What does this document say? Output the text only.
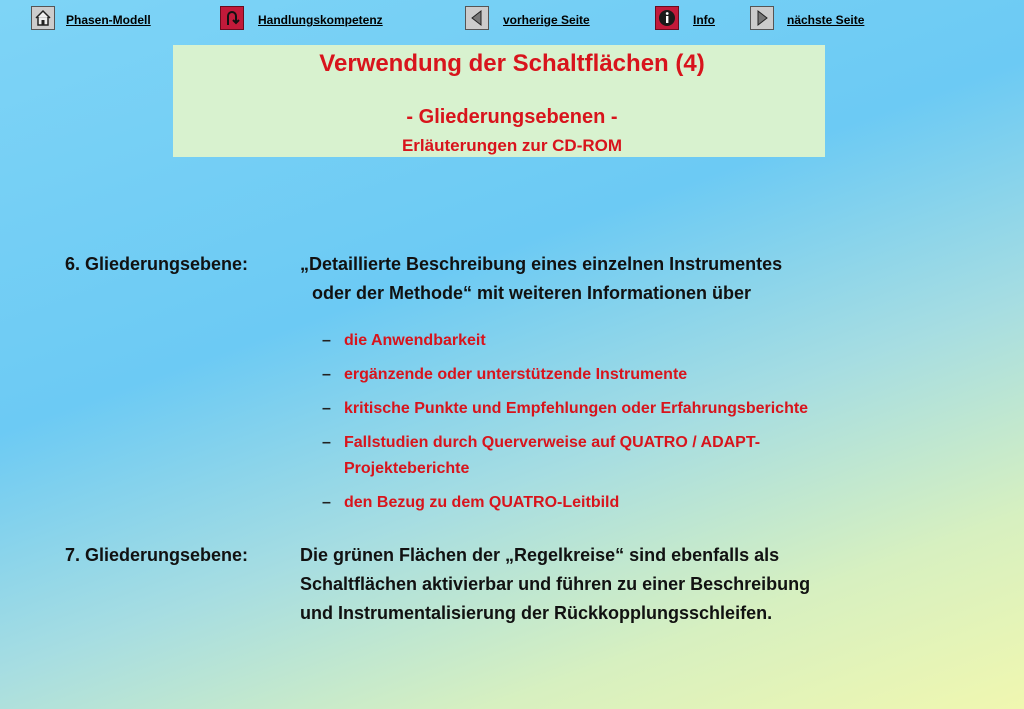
Phasen-Modell	Handlungskompetenz	vorherige Seite	Info	nächste Seite
Verwendung der Schaltflächen (4)
- Gliederungsebenen -
Erläuterungen zur CD-ROM
6. Gliederungsebene:	„Detaillierte Beschreibung eines einzelnen Instrumentes
oder der Methode“ mit weiteren Informationen über
– die Anwendbarkeit
– ergänzende oder unterstützende Instrumente
– kritische Punkte und Empfehlungen oder Erfahrungsberichte
– Fallstudien durch Querverweise auf QUATRO / ADAPT-
Projekteberichte
– den Bezug zu dem QUATRO-Leitbild
7. Gliederungsebene:	Die grünen Flächen der „Regelkreise“ sind ebenfalls als
Schaltflächen aktivierbar und führen zu einer Beschreibung
und Instrumentalisierung der Rückkopplungsschleifen.
